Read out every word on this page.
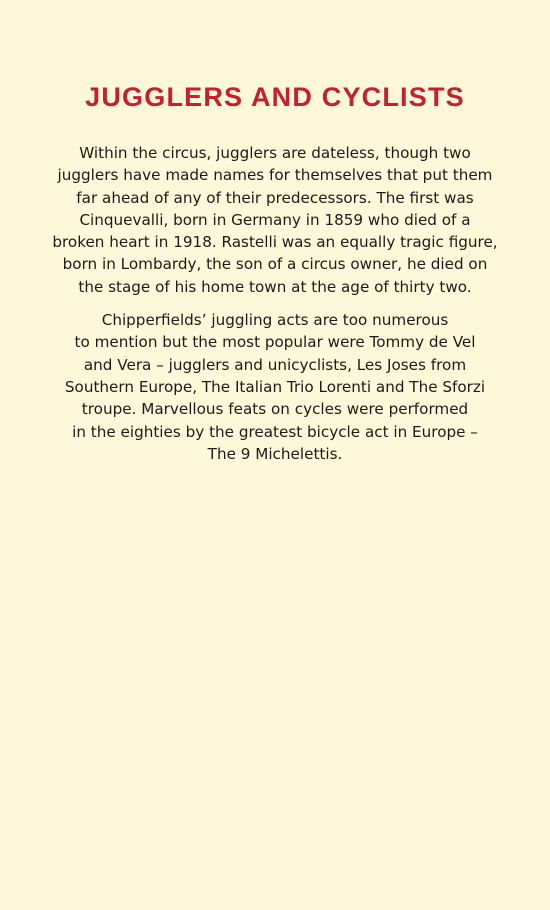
JUGGLERS AND CYCLISTS

Within the circus, jugglers are dateless, though two
jugglers have made names for themselves that put them
far ahead of any of their predecessors. The first was
Cinquevalli, born in Germany in 1859 who died of a
broken heart in 1918. Rastelli was an equally tragic figure,
born in Lombardy, the son of a circus owner, he died on
the stage of his home town at the age of thirty two.

Chipperfields’ juggling acts are too numerous
to mention but the most popular were Tommy de Vel
and Vera – jugglers and unicyclists, Les Joses from
Southern Europe, The Italian Trio Lorenti and The Sforzi
troupe. Marvellous feats on cycles were performed
in the eighties by the greatest bicycle act in Europe –
The 9 Michelettis.
